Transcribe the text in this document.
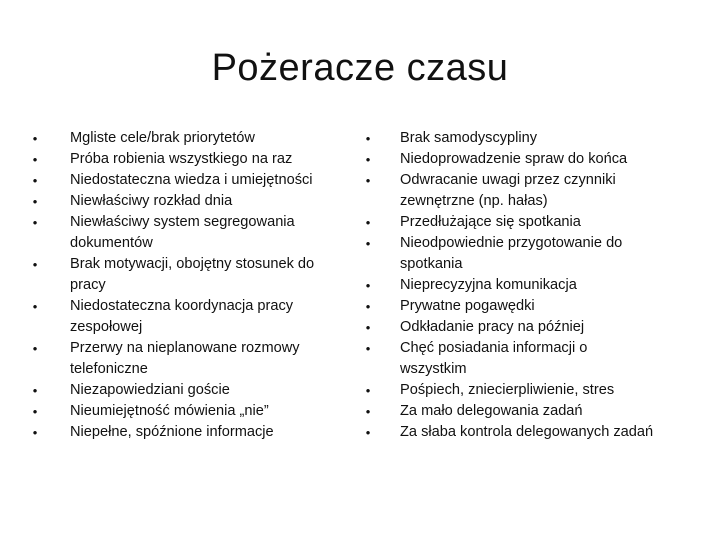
Pożeracze czasu
•	Mgliste cele/brak priorytetów
•	Próba robienia wszystkiego na raz
•	Niedostateczna wiedza i umiejętności
•	Niewłaściwy rozkład dnia
•	Niewłaściwy system segregowania dokumentów
•	Brak motywacji, obojętny stosunek do pracy
•	Niedostateczna koordynacja pracy zespołowej
•	Przerwy na nieplanowane rozmowy telefoniczne
•	Niezapowiedziani goście
•	Nieumiejętność mówienia „nie”
•	Niepełne, spóźnione informacje
•	Brak samodyscypliny
•	Niedoprowadzenie spraw do końca
•	Odwracanie uwagi przez czynniki zewnętrzne (np. hałas)
•	Przedłużające się spotkania
•	Nieodpowiednie przygotowanie do spotkania
•	Nieprecyzyjna komunikacja
•	Prywatne pogawędki
•	Odkładanie pracy na później
•	Chęć posiadania informacji o wszystkim
•	Pośpiech, zniecierpliwienie, stres
•	Za mało delegowania zadań
•	Za słaba kontrola delegowanych zadań
